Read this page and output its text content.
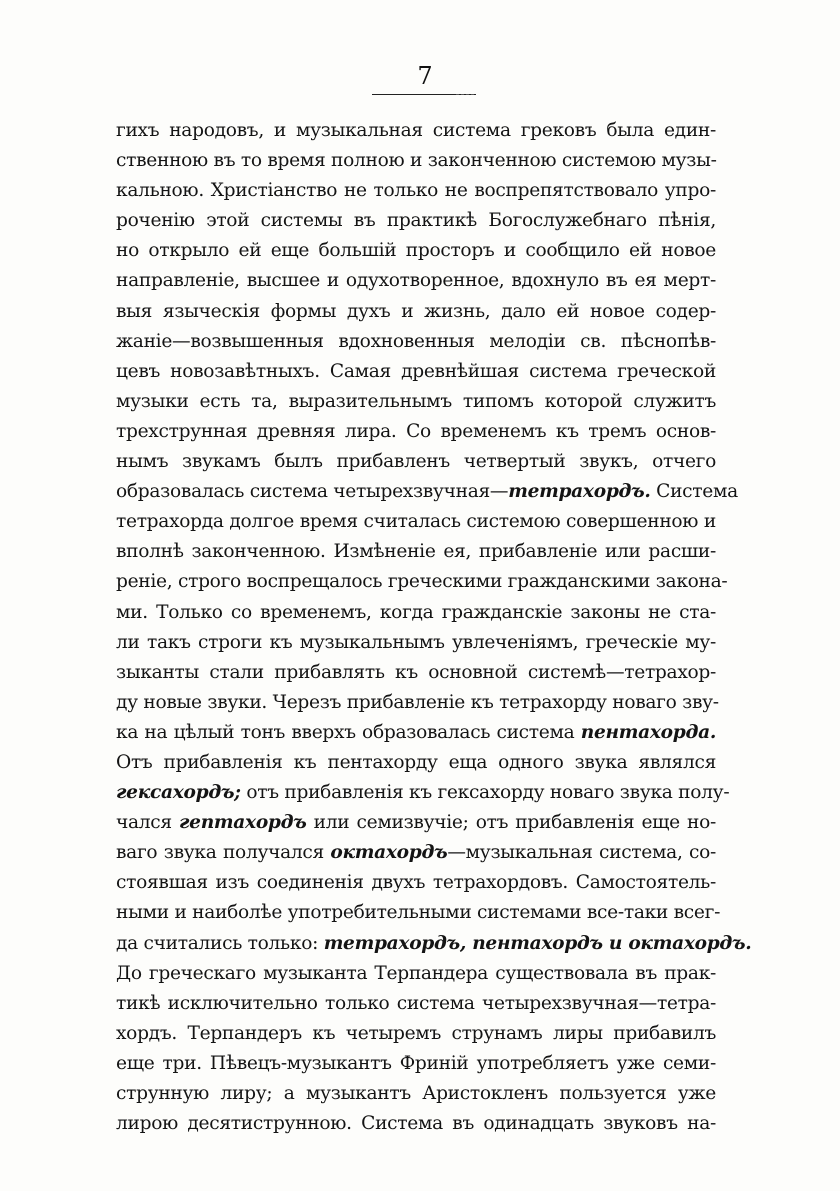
7
гихъ народовъ, и музыкальная система грековъ была един-
ственною въ то время полною и законченною системою музы-
кальною. Христіанство не только не воспрепятствовало упро-
роченію этой системы въ практикѣ Богослужебнаго пѣнія,
но открыло ей еще большій просторъ и сообщило ей новое
направленіе, высшее и одухотворенное, вдохнуло въ ея мерт-
выя языческія формы духъ и жизнь, дало ей новое содер-
жаніе—возвышенныя вдохновенныя мелодіи св. пѣснопѣв-
цевъ новозавѣтныхъ. Самая древнѣйшая система греческой
музыки есть та, выразительнымъ типомъ которой служитъ
трехструнная древняя лира. Со временемъ къ тремъ основ-
нымъ звукамъ былъ прибавленъ четвертый звукъ, отчего
образовалась система четырехзвучная—тетрахордъ. Система
тетрахорда долгое время считалась системою совершенною и
вполнѣ законченною. Измѣненіе ея, прибавленіе или расши-
реніе, строго воспрещалось греческими гражданскими закона-
ми. Только со временемъ, когда гражданскіе законы не ста-
ли такъ строги къ музыкальнымъ увлеченіямъ, греческіе му-
зыканты стали прибавлять къ основной системѣ—тетрахор-
ду новые звуки. Черезъ прибавленіе къ тетрахорду новаго зву-
ка на цѣлый тонъ вверхъ образовалась система пентахорда.
Отъ прибавленія къ пентахорду еща одного звука являлся
гексахордъ; отъ прибавленія къ гексахорду новаго звука полу-
чался гептахордъ или семизвучіе; отъ прибавленія еще но-
ваго звука получался октахордъ—музыкальная система, со-
стоявшая изъ соединенія двухъ тетрахордовъ. Самостоятель-
ными и наиболѣе употребительными системами все-таки всег-
да считались только: тетрахордъ, пентахордъ и октахордъ.
До греческаго музыканта Терпандера существовала въ прак-
тикѣ исключительно только система четырехзвучная—тетра-
хордъ. Терпандеръ къ четыремъ струнамъ лиры прибавилъ
еще три. Пѣвецъ-музыкантъ Фриній употребляетъ уже семи-
струнную лиру; а музыкантъ Аристокленъ пользуется уже
лирою десятиструнною. Система въ одинадцать звуковъ на-
